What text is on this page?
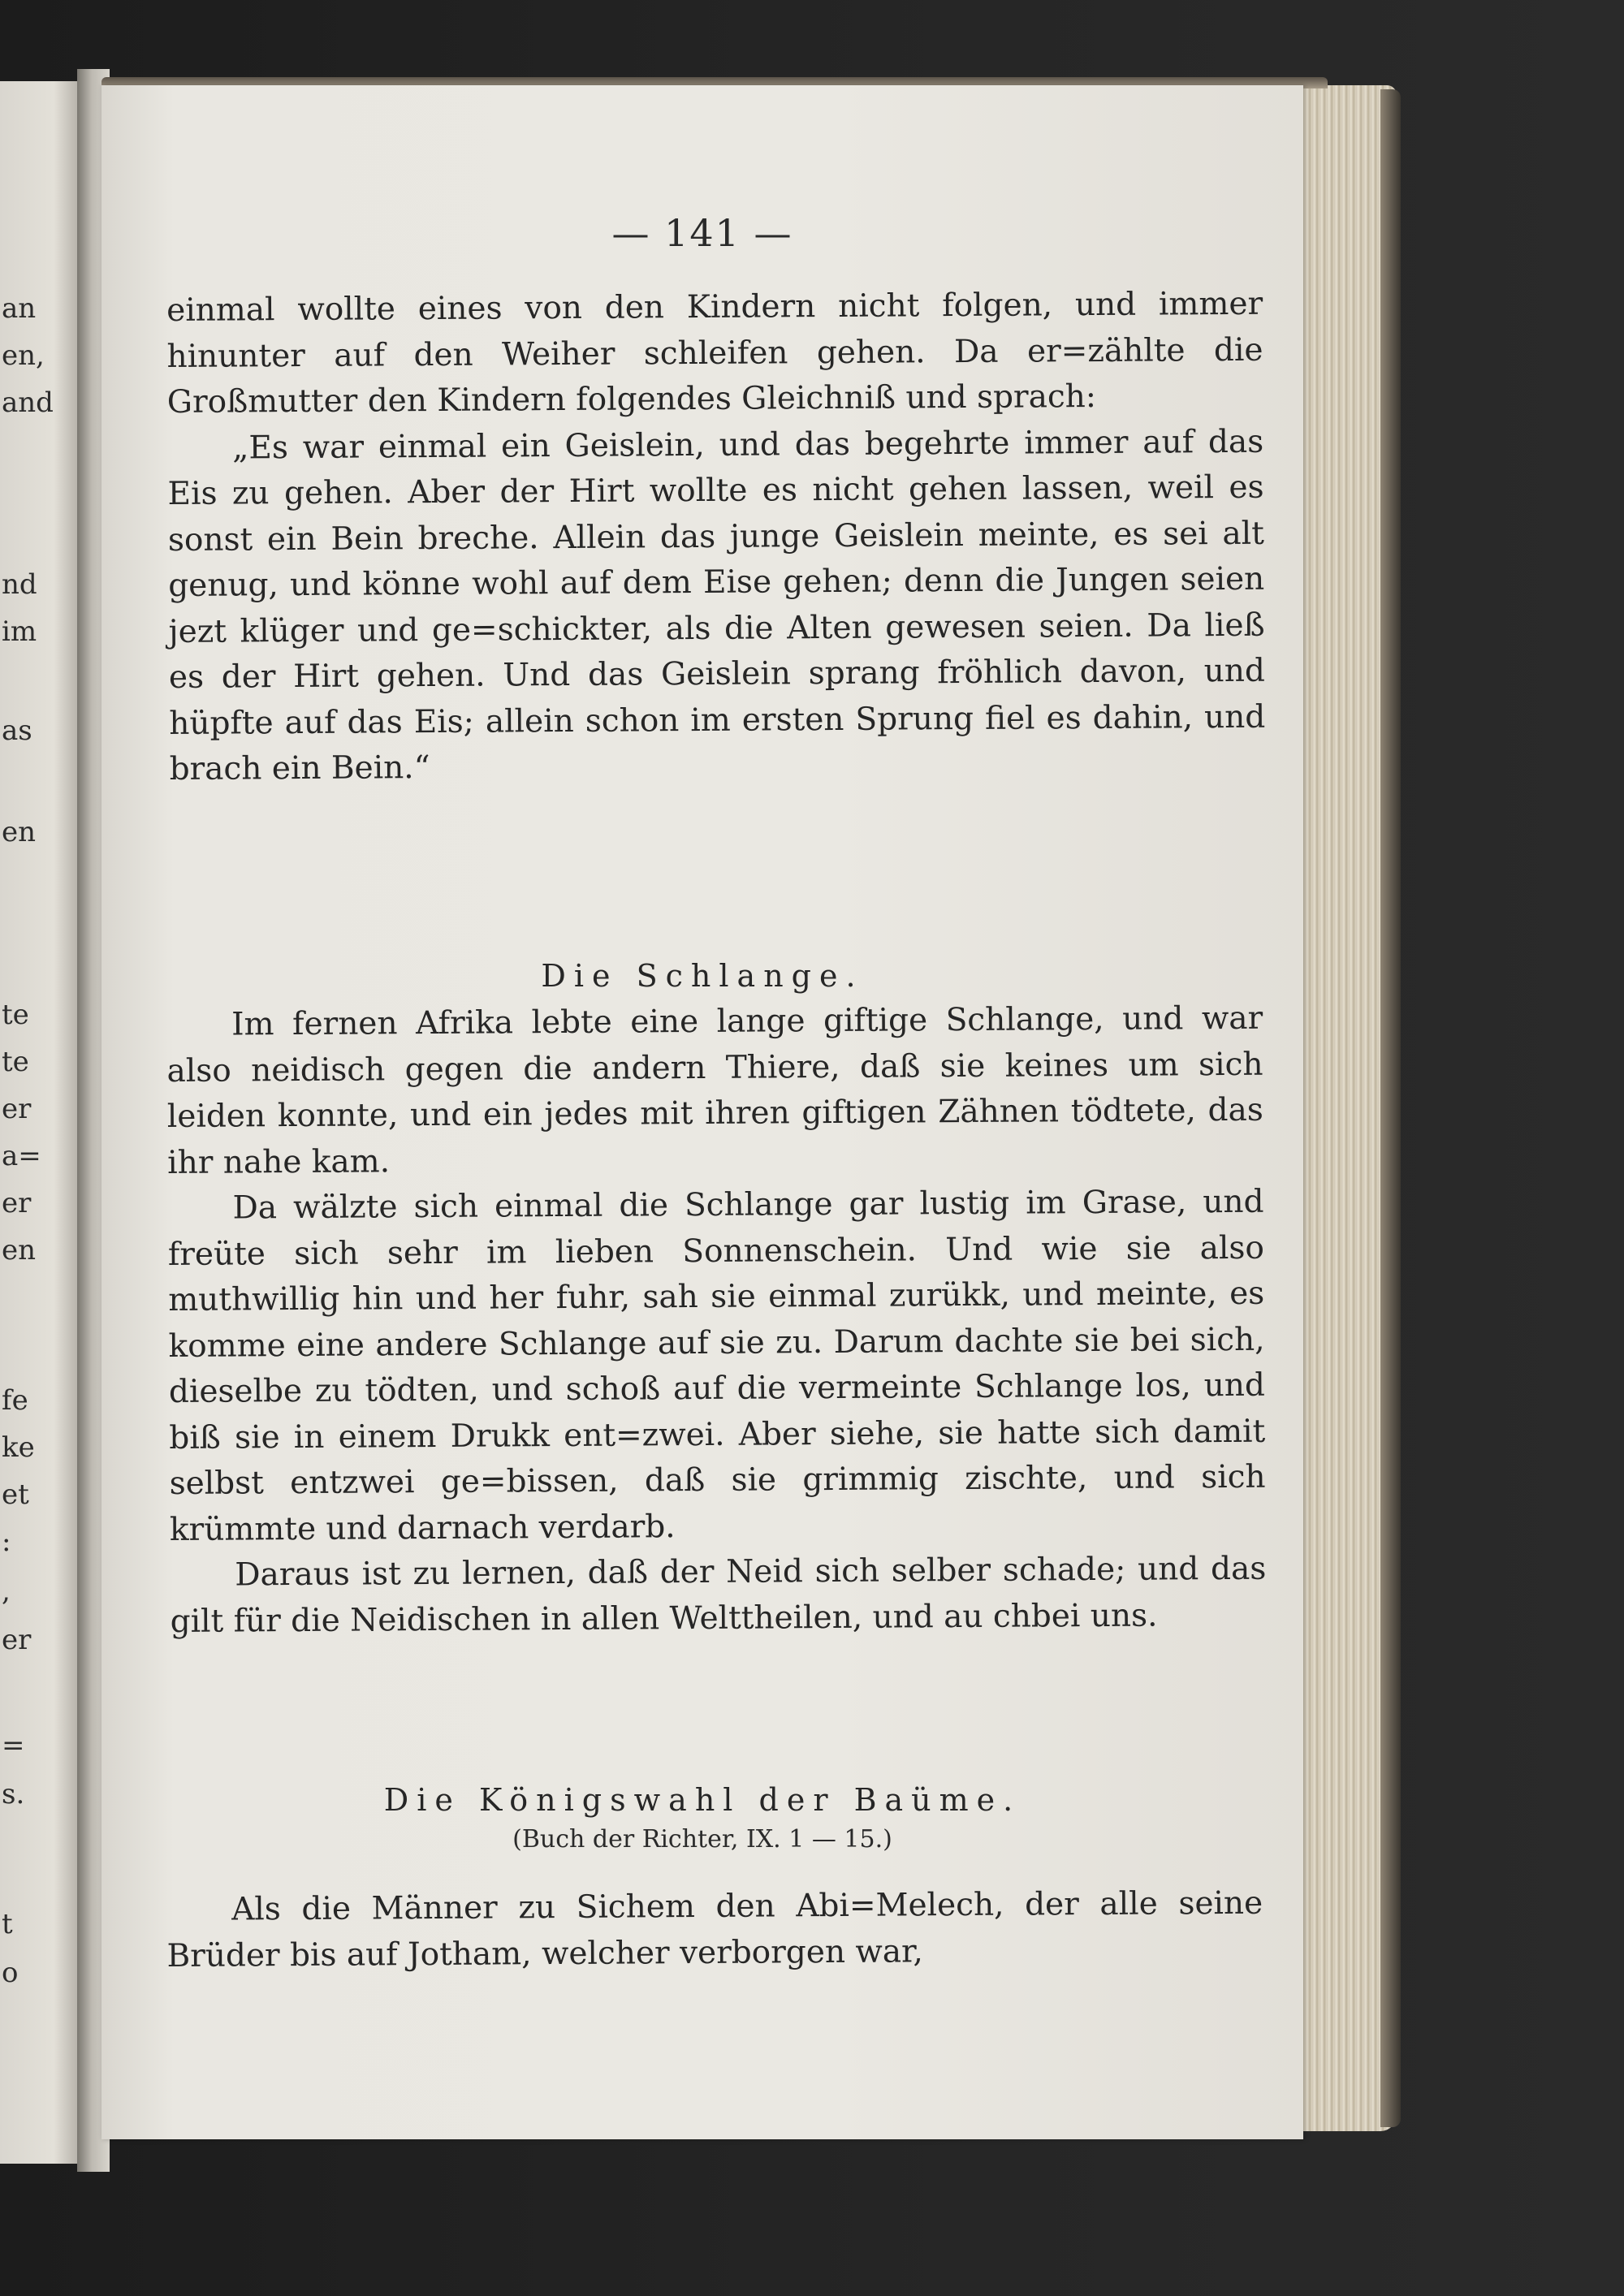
an
en,
and
nd
im
as
en
te
te
er
a=
er
en
fe
ke
et
:
,
er
=
s.
t
o
— 141 —

einmal wollte eines von den Kindern nicht folgen, und immer hinunter auf den Weiher schleifen gehen. Da er=zählte die Großmutter den Kindern folgendes Gleichniß und sprach:

„Es war einmal ein Geislein, und das begehrte immer auf das Eis zu gehen. Aber der Hirt wollte es nicht gehen lassen, weil es sonst ein Bein breche. Allein das junge Geislein meinte, es sei alt genug, und könne wohl auf dem Eise gehen; denn die Jungen seien jezt klüger und ge=schickter, als die Alten gewesen seien. Da ließ es der Hirt gehen. Und das Geislein sprang fröhlich davon, und hüpfte auf das Eis; allein schon im ersten Sprung fiel es dahin, und brach ein Bein.“

Die Schlange.

Im fernen Afrika lebte eine lange giftige Schlange, und war also neidisch gegen die andern Thiere, daß sie keines um sich leiden konnte, und ein jedes mit ihren giftigen Zähnen tödtete, das ihr nahe kam.

Da wälzte sich einmal die Schlange gar lustig im Grase, und freüte sich sehr im lieben Sonnenschein. Und wie sie also muthwillig hin und her fuhr, sah sie einmal zurükk, und meinte, es komme eine andere Schlange auf sie zu. Darum dachte sie bei sich, dieselbe zu tödten, und schoß auf die vermeinte Schlange los, und biß sie in einem Drukk ent=zwei. Aber siehe, sie hatte sich damit selbst entzwei ge=bissen, daß sie grimmig zischte, und sich krümmte und darnach verdarb.

Daraus ist zu lernen, daß der Neid sich selber schade; und das gilt für die Neidischen in allen Welttheilen, und au chbei uns.

Die Königswahl der Baüme.
(Buch der Richter, IX. 1 — 15.)

Als die Männer zu Sichem den Abi=Melech, der alle seine Brüder bis auf Jotham, welcher verborgen war,
